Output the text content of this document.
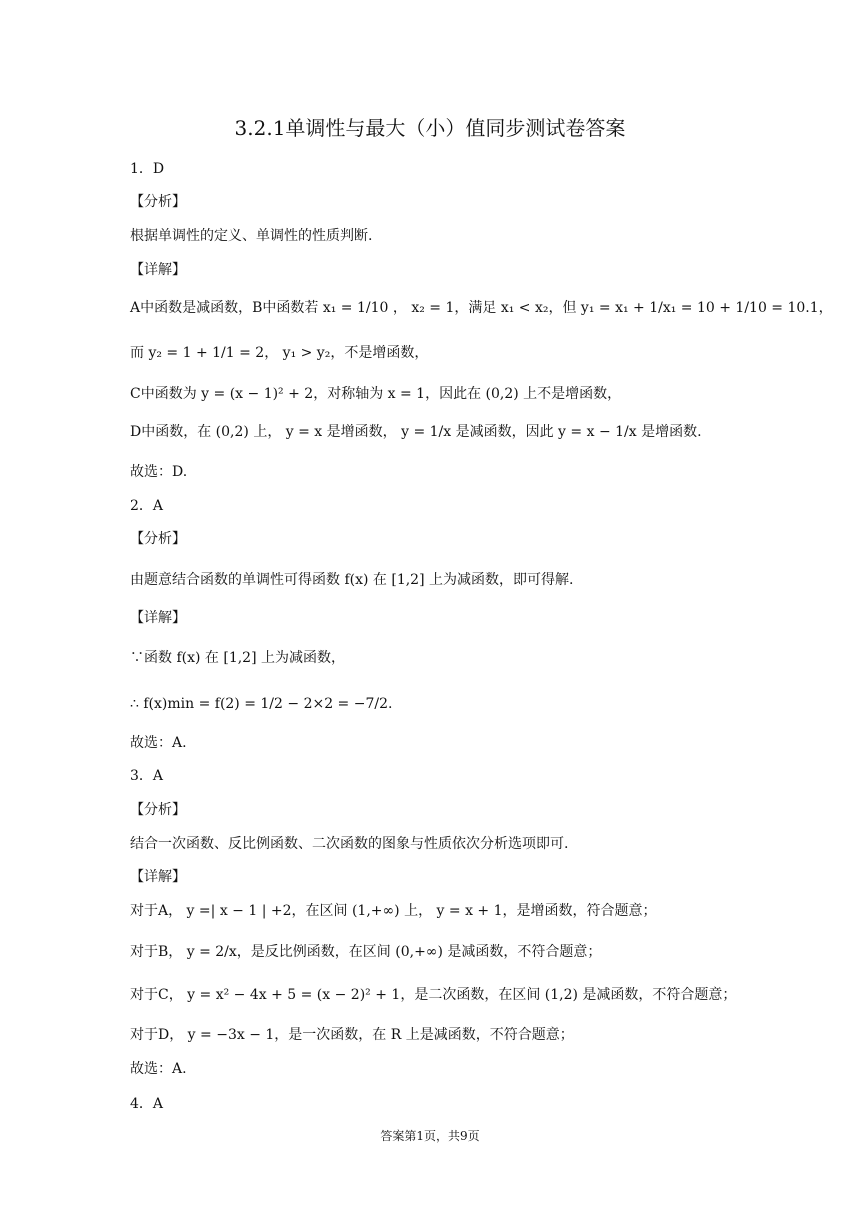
3.2.1单调性与最大（小）值同步测试卷答案
1．D
【分析】
根据单调性的定义、单调性的性质判断.
【详解】
A中函数是减函数，B中函数若 x₁ = 1/10 ， x₂ = 1，满足 x₁ < x₂，但 y₁ = x₁ + 1/x₁ = 10 + 1/10 = 10.1，
而 y₂ = 1 + 1/1 = 2， y₁ > y₂，不是增函数，
C中函数为 y = (x − 1)² + 2，对称轴为 x = 1，因此在 (0,2) 上不是增函数，
D中函数，在 (0,2) 上， y = x 是增函数， y = 1/x 是减函数，因此 y = x − 1/x 是增函数.
故选：D.
2．A
【分析】
由题意结合函数的单调性可得函数 f(x) 在 [1,2] 上为减函数，即可得解.
【详解】
∵函数 f(x) 在 [1,2] 上为减函数，
∴ f(x)min = f(2) = 1/2 − 2×2 = −7/2.
故选：A.
3．A
【分析】
结合一次函数、反比例函数、二次函数的图象与性质依次分析选项即可.
【详解】
对于A， y =| x − 1 | +2，在区间 (1,+∞) 上， y = x + 1，是增函数，符合题意；
对于B， y = 2/x，是反比例函数，在区间 (0,+∞) 是减函数，不符合题意；
对于C， y = x² − 4x + 5 = (x − 2)² + 1，是二次函数，在区间 (1,2) 是减函数，不符合题意；
对于D， y = −3x − 1，是一次函数，在 R 上是减函数，不符合题意；
故选：A.
4．A
答案第1页，共9页
